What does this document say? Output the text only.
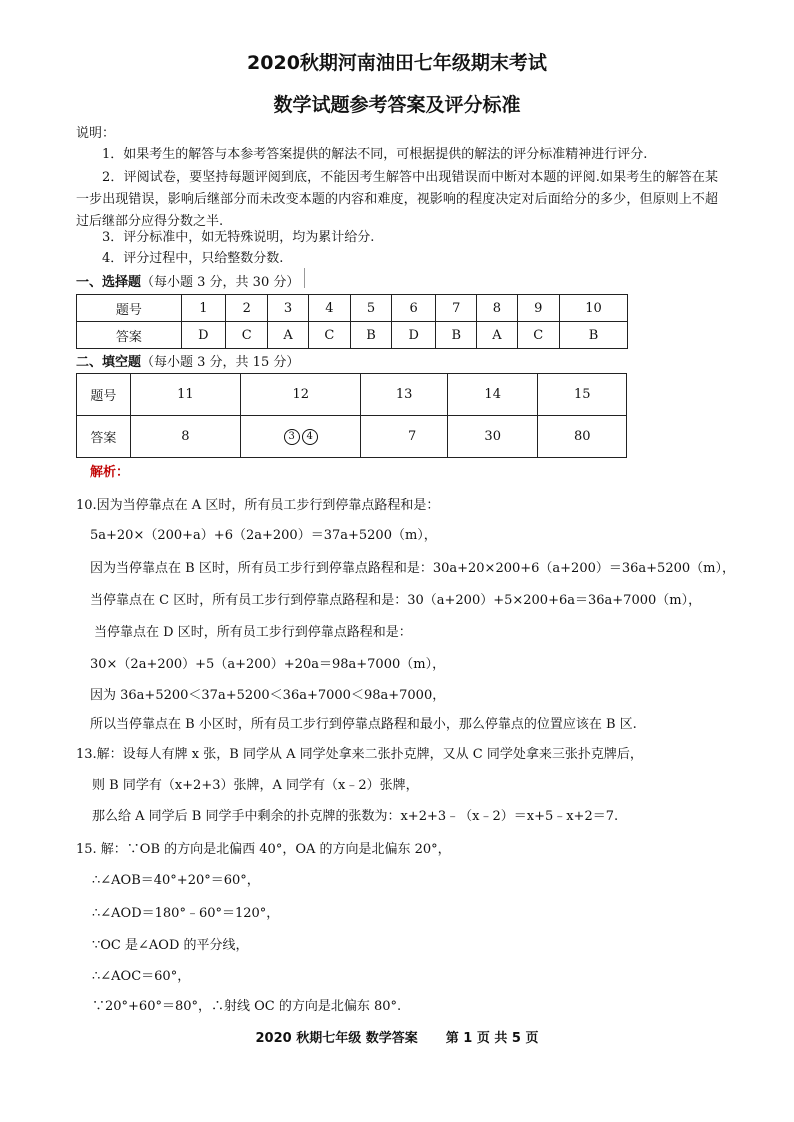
2020秋期河南油田七年级期末考试
数学试题参考答案及评分标准
说明：
1．如果考生的解答与本参考答案提供的解法不同，可根据提供的解法的评分标准精神进行评分.
2．评阅试卷，要坚持每题评阅到底，不能因考生解答中出现错误而中断对本题的评阅.如果考生的解答在某一步出现错误，影响后继部分而未改变本题的内容和难度，视影响的程度决定对后面给分的多少，但原则上不超过后继部分应得分数之半.
3．评分标准中，如无特殊说明，均为累计给分.
4．评分过程中，只给整数分数.
一、选择题（每小题 3 分，共 30 分）
题号	1	2	3	4	5	6	7	8	9	10
答案	D	C	A	C	B	D	B	A	C	B
二、填空题（每小题 3 分，共 15 分）
题号	11	12	13	14	15
答案	8	3 4	7	30	80
解析：
10.因为当停靠点在 A 区时，所有员工步行到停靠点路程和是：
5a+20×（200+a）+6（2a+200）＝37a+5200（m），
因为当停靠点在 B 区时，所有员工步行到停靠点路程和是：30a+20×200+6（a+200）＝36a+5200（m），
当停靠点在 C 区时，所有员工步行到停靠点路程和是：30（a+200）+5×200+6a＝36a+7000（m），
当停靠点在 D 区时，所有员工步行到停靠点路程和是：
30×（2a+200）+5（a+200）+20a＝98a+7000（m），
因为 36a+5200＜37a+5200＜36a+7000＜98a+7000，
所以当停靠点在 B 小区时，所有员工步行到停靠点路程和最小，那么停靠点的位置应该在 B 区.
13.解：设每人有牌 x 张，B 同学从 A 同学处拿来二张扑克牌，又从 C 同学处拿来三张扑克牌后，
则 B 同学有（x+2+3）张牌，A 同学有（x﹣2）张牌，
那么给 A 同学后 B 同学手中剩余的扑克牌的张数为：x+2+3﹣（x﹣2）＝x+5﹣x+2＝7.
15. 解：∵OB 的方向是北偏西 40°，OA 的方向是北偏东 20°，
∴∠AOB＝40°+20°＝60°，
∴∠AOD＝180°﹣60°＝120°，
∵OC 是∠AOD 的平分线，
∴∠AOC＝60°，
∵20°+60°＝80°，∴射线 OC 的方向是北偏东 80°.
2020 秋期七年级 数学答案 第 1 页 共 5 页
